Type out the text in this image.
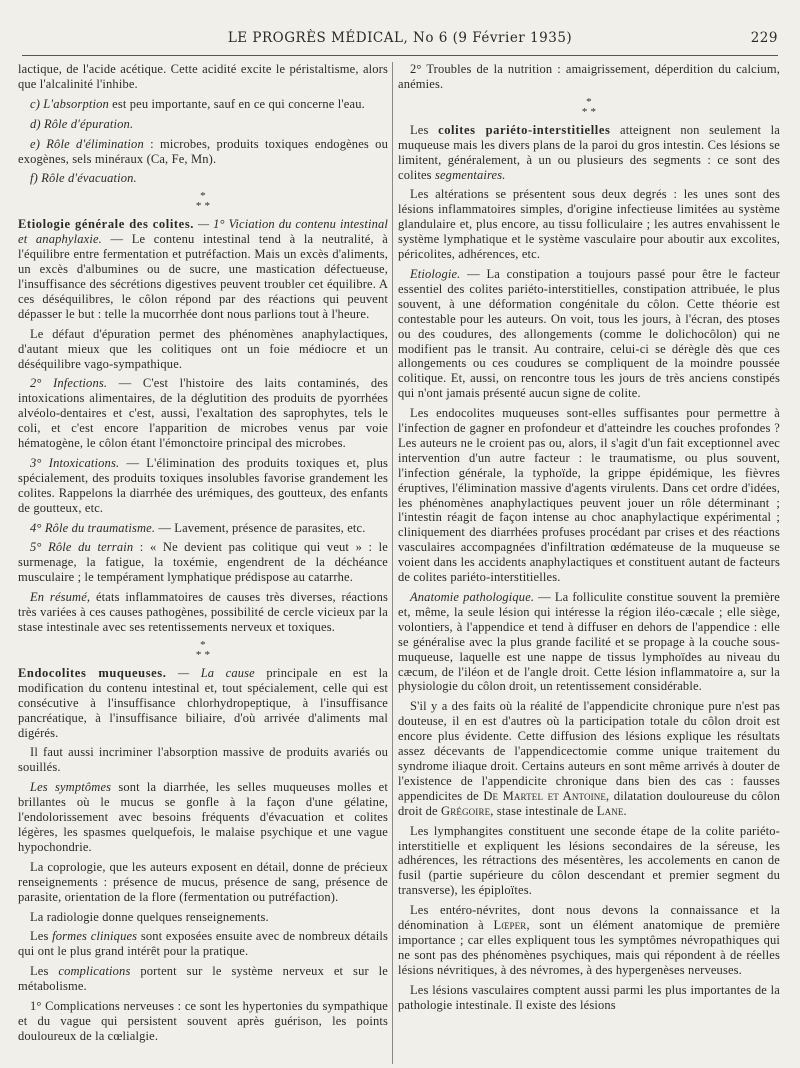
LE PROGRÈS MÉDICAL, No 6 (9 Février 1935)	229

lactique, de l'acide acétique. Cette acidité excite le péristaltisme, alors que l'alcalinité l'inhibe.

c) L'absorption est peu importante, sauf en ce qui concerne l'eau.

d) Rôle d'épuration.

e) Rôle d'élimination : microbes, produits toxiques endogènes ou exogènes, sels minéraux (Ca, Fe, Mn).

f) Rôle d'évacuation.

*
* *

Etiologie générale des colites. — 1° Viciation du contenu intestinal et anaphylaxie. — Le contenu intestinal tend à la neutralité, à l'équilibre entre fermentation et putréfaction. Mais un excès d'aliments, un excès d'albumines ou de sucre, une mastication défectueuse, l'insuffisance des sécrétions digestives peuvent troubler cet équilibre. A ces déséquilibres, le côlon répond par des réactions qui peuvent dépasser le but : telle la mucorrhée dont nous parlions tout à l'heure.

Le défaut d'épuration permet des phénomènes anaphylactiques, d'autant mieux que les colitiques ont un foie médiocre et un déséquilibre vago-sympathique.

2° Infections. — C'est l'histoire des laits contaminés, des intoxications alimentaires, de la déglutition des produits de pyorrhées alvéolo-dentaires et c'est, aussi, l'exaltation des saprophytes, tels le coli, et c'est encore l'apparition de microbes venus par voie hématogène, le côlon étant l'émonctoire principal des microbes.

3° Intoxications. — L'élimination des produits toxiques et, plus spécialement, des produits toxiques insolubles favorise grandement les colites. Rappelons la diarrhée des urémiques, des goutteux, des enfants de goutteux, etc.

4° Rôle du traumatisme. — Lavement, présence de parasites, etc.

5° Rôle du terrain : « Ne devient pas colitique qui veut » : le surmenage, la fatigue, la toxémie, engendrent de la déchéance musculaire ; le tempérament lymphatique prédispose au catarrhe.

En résumé, états inflammatoires de causes très diverses, réactions très variées à ces causes pathogènes, possibilité de cercle vicieux par la stase intestinale avec ses retentissements nerveux et toxiques.

*
* *

Endocolites muqueuses. — La cause principale en est la modification du contenu intestinal et, tout spécialement, celle qui est consécutive à l'insuffisance chlorhydropeptique, à l'insuffisance pancréatique, à l'insuffisance biliaire, d'où arrivée d'aliments mal digérés.

Il faut aussi incriminer l'absorption massive de produits avariés ou souillés.

Les symptômes sont la diarrhée, les selles muqueuses molles et brillantes où le mucus se gonfle à la façon d'une gélatine, l'endolorissement avec besoins fréquents d'évacuation et colites légères, les spasmes quelquefois, le malaise psychique et une vague hypochondrie.

La coprologie, que les auteurs exposent en détail, donne de précieux renseignements : présence de mucus, présence de sang, présence de parasite, orientation de la flore (fermentation ou putréfaction).

La radiologie donne quelques renseignements.

Les formes cliniques sont exposées ensuite avec de nombreux détails qui ont le plus grand intérêt pour la pratique.

Les complications portent sur le système nerveux et sur le métabolisme.

1° Complications nerveuses : ce sont les hypertonies du sympathique et du vague qui persistent souvent après guérison, les points douloureux de la cœlialgie.

2° Troubles de la nutrition : amaigrissement, déperdition du calcium, anémies.

*
* *

Les colites pariéto-interstitielles atteignent non seulement la muqueuse mais les divers plans de la paroi du gros intestin. Ces lésions se limitent, généralement, à un ou plusieurs des segments : ce sont des colites segmentaires.

Les altérations se présentent sous deux degrés : les unes sont des lésions inflammatoires simples, d'origine infectieuse limitées au système glandulaire et, plus encore, au tissu folliculaire ; les autres envahissent le système lymphatique et le système vasculaire pour aboutir aux excolites, péricolites, adhérences, etc.

Etiologie. — La constipation a toujours passé pour être le facteur essentiel des colites pariéto-interstitielles, constipation attribuée, le plus souvent, à une déformation congénitale du côlon. Cette théorie est contestable pour les auteurs. On voit, tous les jours, à l'écran, des ptoses ou des coudures, des allongements (comme le dolichocôlon) qui ne modifient pas le transit. Au contraire, celui-ci se dérègle dès que ces allongements ou ces coudures se compliquent de la moindre poussée colitique. Et, aussi, on rencontre tous les jours de très anciens constipés qui n'ont jamais présenté aucun signe de colite.

Les endocolites muqueuses sont-elles suffisantes pour permettre à l'infection de gagner en profondeur et d'atteindre les couches profondes ? Les auteurs ne le croient pas ou, alors, il s'agit d'un fait exceptionnel avec intervention d'un autre facteur : le traumatisme, ou plus souvent, l'infection générale, la typhoïde, la grippe épidémique, les fièvres éruptives, l'élimination massive d'agents virulents. Dans cet ordre d'idées, les phénomènes anaphylactiques peuvent jouer un rôle déterminant ; l'intestin réagit de façon intense au choc anaphylactique expérimental ; cliniquement des diarrhées profuses procédant par crises et des réactions vasculaires accompagnées d'infiltration œdémateuse de la muqueuse se voient dans les accidents anaphylactiques et constituent autant de facteurs de colites pariéto-interstitielles.

Anatomie pathologique. — La folliculite constitue souvent la première et, même, la seule lésion qui intéresse la région iléo-cæcale ; elle siège, volontiers, à l'appendice et tend à diffuser en dehors de l'appendice : elle se généralise avec la plus grande facilité et se propage à la couche sous-muqueuse, laquelle est une nappe de tissus lymphoïdes au niveau du cæcum, de l'iléon et de l'angle droit. Cette lésion inflammatoire a, sur la physiologie du côlon droit, un retentissement considérable.

S'il y a des faits où la réalité de l'appendicite chronique pure n'est pas douteuse, il en est d'autres où la participation totale du côlon droit est encore plus évidente. Cette diffusion des lésions explique les résultats assez décevants de l'appendicectomie comme unique traitement du syndrome iliaque droit. Certains auteurs en sont même arrivés à douter de l'existence de l'appendicite chronique dans bien des cas : fausses appendicites de De Martel et Antoine, dilatation douloureuse du côlon droit de Grégoire, stase intestinale de Lane.

Les lymphangites constituent une seconde étape de la colite pariéto-interstitielle et expliquent les lésions secondaires de la séreuse, les adhérences, les rétractions des mésentères, les accolements en canon de fusil (partie supérieure du côlon descendant et premier segment du transverse), les épiploïtes.

Les entéro-névrites, dont nous devons la connaissance et la dénomination à Lœper, sont un élément anatomique de première importance ; car elles expliquent tous les symptômes névropathiques qui ne sont pas des phénomènes psychiques, mais qui répondent à de réelles lésions névritiques, à des névromes, à des hypergenèses nerveuses.

Les lésions vasculaires comptent aussi parmi les plus importantes de la pathologie intestinale. Il existe des lésions
